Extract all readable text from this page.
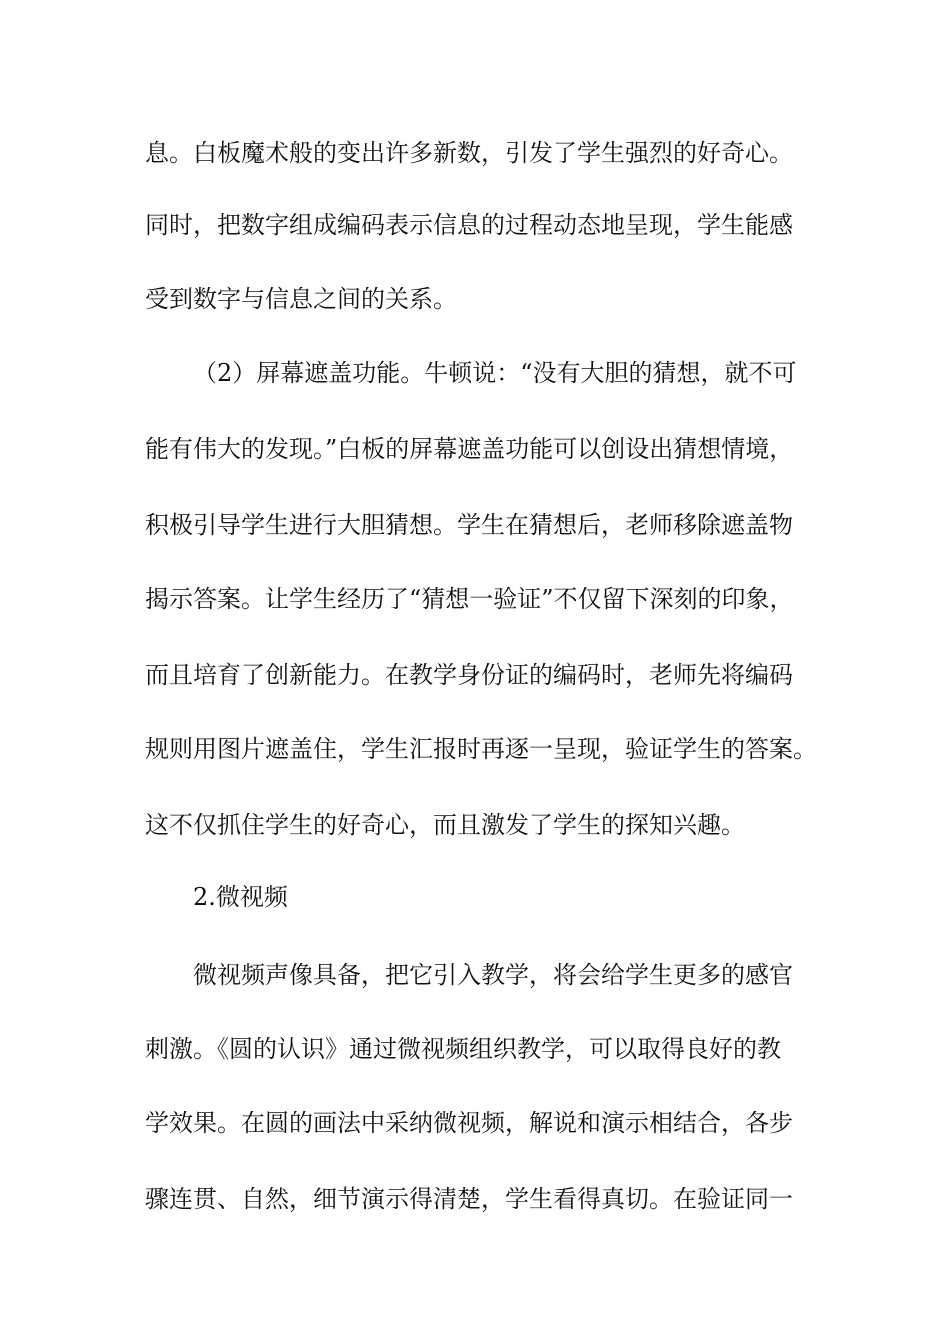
息。白板魔术般的变出许多新数，引发了学生强烈的好奇心。
同时，把数字组成编码表示信息的过程动态地呈现，学生能感
受到数字与信息之间的关系。
（2）屏幕遮盖功能。牛顿说：“没有大胆的猜想，就不可
能有伟大的发现。”白板的屏幕遮盖功能可以创设出猜想情境，
积极引导学生进行大胆猜想。学生在猜想后，老师移除遮盖物
揭示答案。让学生经历了“猜想一验证”不仅留下深刻的印象，
而且培育了创新能力。在教学身份证的编码时，老师先将编码
规则用图片遮盖住，学生汇报时再逐一呈现，验证学生的答案。
这不仅抓住学生的好奇心，而且激发了学生的探知兴趣。
2.微视频
微视频声像具备，把它引入教学，将会给学生更多的感官
刺激。《圆的认识》通过微视频组织教学，可以取得良好的教
学效果。在圆的画法中采纳微视频，解说和演示相结合，各步
骤连贯、自然，细节演示得清楚，学生看得真切。在验证同一
